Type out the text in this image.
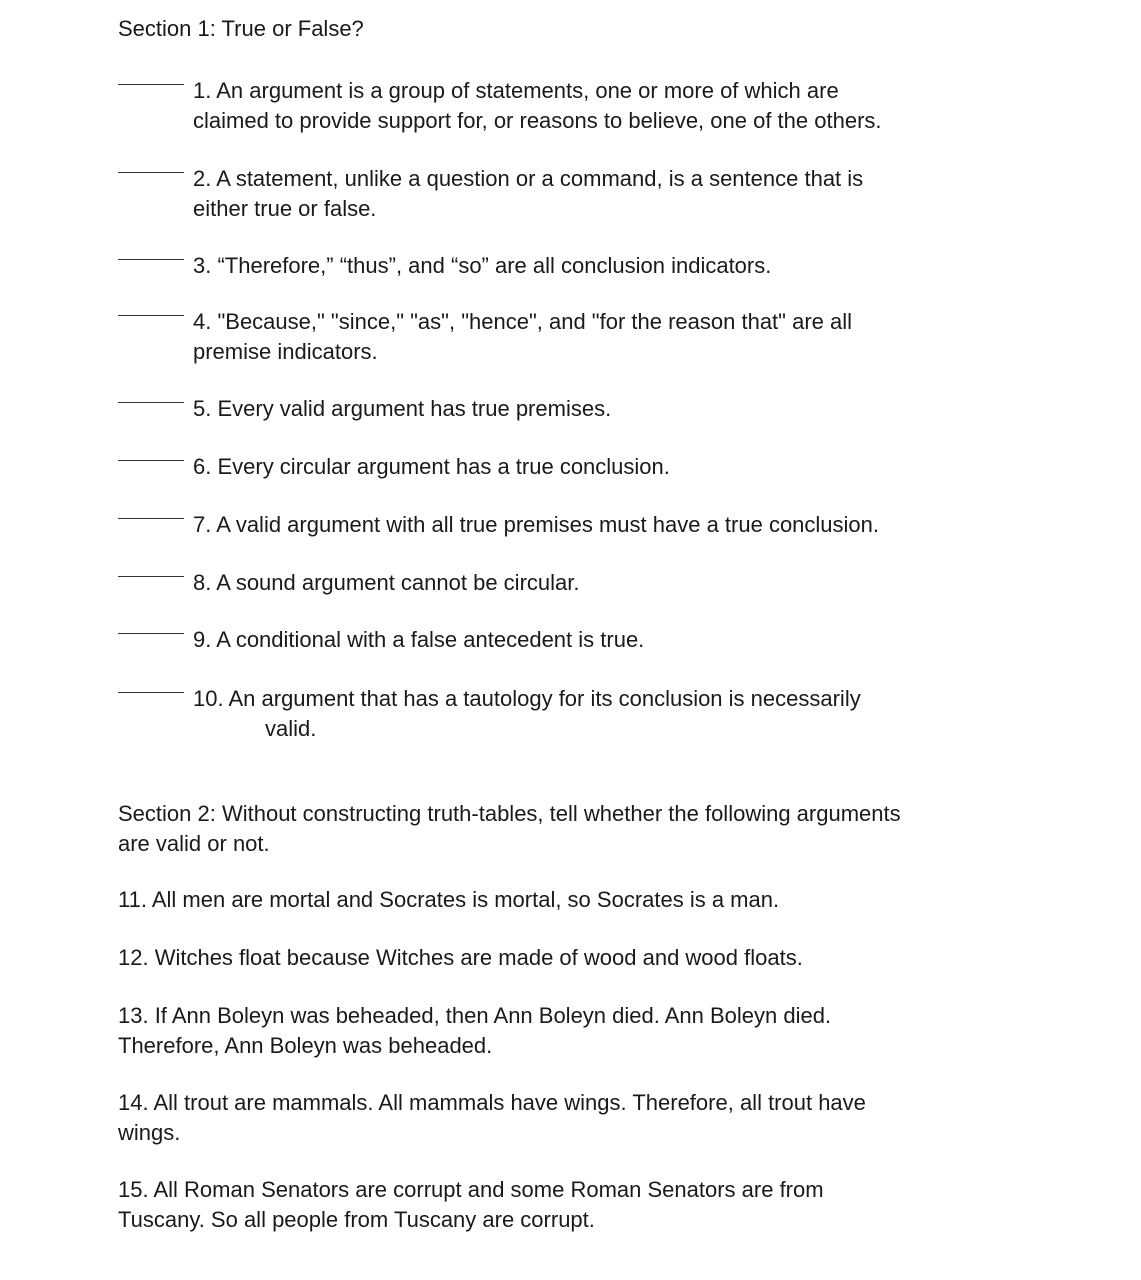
Section 1: True or False?
1. An argument is a group of statements, one or more of which are
claimed to provide support for, or reasons to believe, one of the others.
2. A statement, unlike a question or a command, is a sentence that is
either true or false.
3. “Therefore,” “thus”, and “so” are all conclusion indicators.
4. "Because," "since," "as", "hence", and "for the reason that" are all
premise indicators.
5. Every valid argument has true premises.
6. Every circular argument has a true conclusion.
7. A valid argument with all true premises must have a true conclusion.
8. A sound argument cannot be circular.
9. A conditional with a false antecedent is true.
10. An argument that has a tautology for its conclusion is necessarily
valid.
Section 2: Without constructing truth-tables, tell whether the following arguments
are valid or not.
11. All men are mortal and Socrates is mortal, so Socrates is a man.
12. Witches float because Witches are made of wood and wood floats.
13. If Ann Boleyn was beheaded, then Ann Boleyn died. Ann Boleyn died.
Therefore, Ann Boleyn was beheaded.
14. All trout are mammals. All mammals have wings. Therefore, all trout have
wings.
15. All Roman Senators are corrupt and some Roman Senators are from
Tuscany. So all people from Tuscany are corrupt.
